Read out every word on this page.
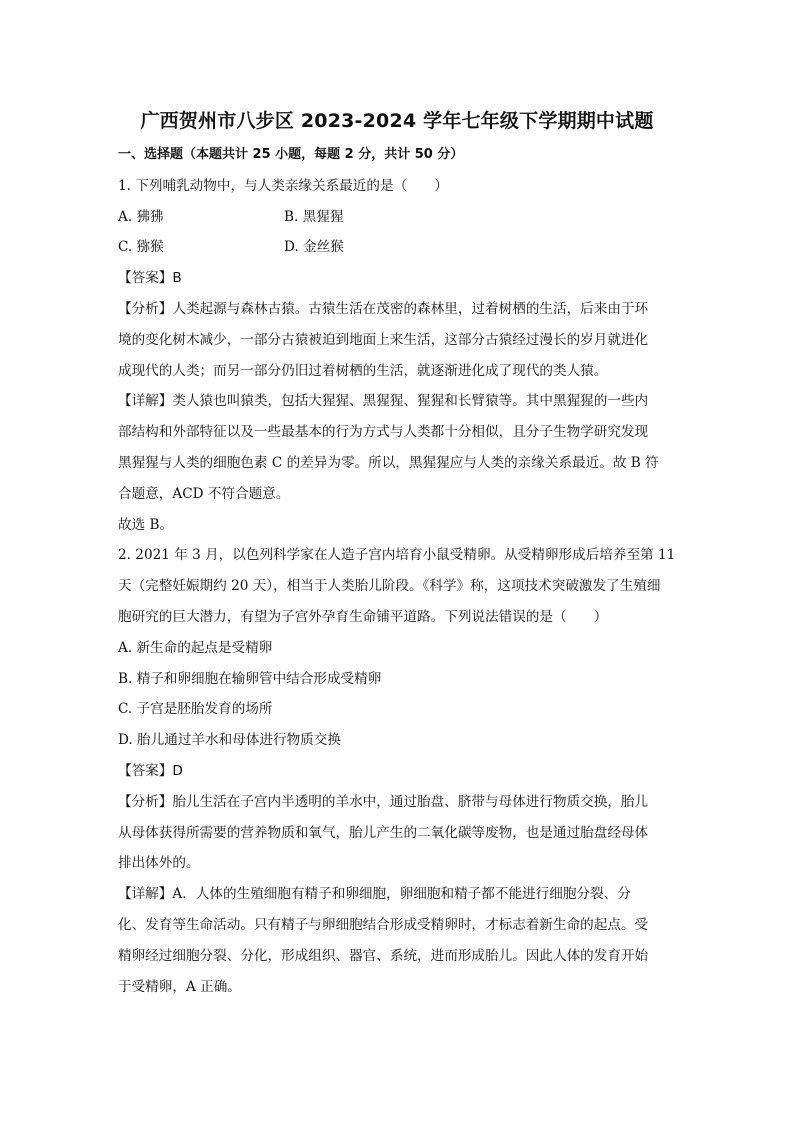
广西贺州市八步区 2023-2024 学年七年级下学期期中试题
一、选择题（本题共计 25 小题，每题 2 分，共计 50 分）
1. 下列哺乳动物中，与人类亲缘关系最近的是（　　）
A. 狒狒	B. 黑猩猩
C. 猕猴	D. 金丝猴
【答案】B
【分析】人类起源与森林古猿。古猿生活在茂密的森林里，过着树栖的生活，后来由于环
境的变化树木减少，一部分古猿被迫到地面上来生活，这部分古猿经过漫长的岁月就进化
成现代的人类；而另一部分仍旧过着树栖的生活，就逐渐进化成了现代的类人猿。
【详解】类人猿也叫猿类，包括大猩猩、黑猩猩、猩猩和长臂猿等。其中黑猩猩的一些内
部结构和外部特征以及一些最基本的行为方式与人类都十分相似，且分子生物学研究发现
黑猩猩与人类的细胞色素 C 的差异为零。所以，黑猩猩应与人类的亲缘关系最近。故 B 符
合题意，ACD 不符合题意。
故选 B。
2. 2021 年 3 月，以色列科学家在人造子宫内培育小鼠受精卵。从受精卵形成后培养至第 11
天（完整妊娠期约 20 天），相当于人类胎儿阶段。《科学》称，这项技术突破激发了生殖细
胞研究的巨大潜力，有望为子宫外孕育生命铺平道路。下列说法错误的是（　　）
A. 新生命的起点是受精卵
B. 精子和卵细胞在输卵管中结合形成受精卵
C. 子宫是胚胎发育的场所
D. 胎儿通过羊水和母体进行物质交换
【答案】D
【分析】胎儿生活在子宫内半透明的羊水中，通过胎盘、脐带与母体进行物质交换，胎儿
从母体获得所需要的营养物质和氧气，胎儿产生的二氧化碳等废物，也是通过胎盘经母体
排出体外的。
【详解】A．人体的生殖细胞有精子和卵细胞，卵细胞和精子都不能进行细胞分裂、分
化、发育等生命活动。只有精子与卵细胞结合形成受精卵时，才标志着新生命的起点。受
精卵经过细胞分裂、分化，形成组织、器官、系统，进而形成胎儿。因此人体的发育开始
于受精卵，A 正确。
